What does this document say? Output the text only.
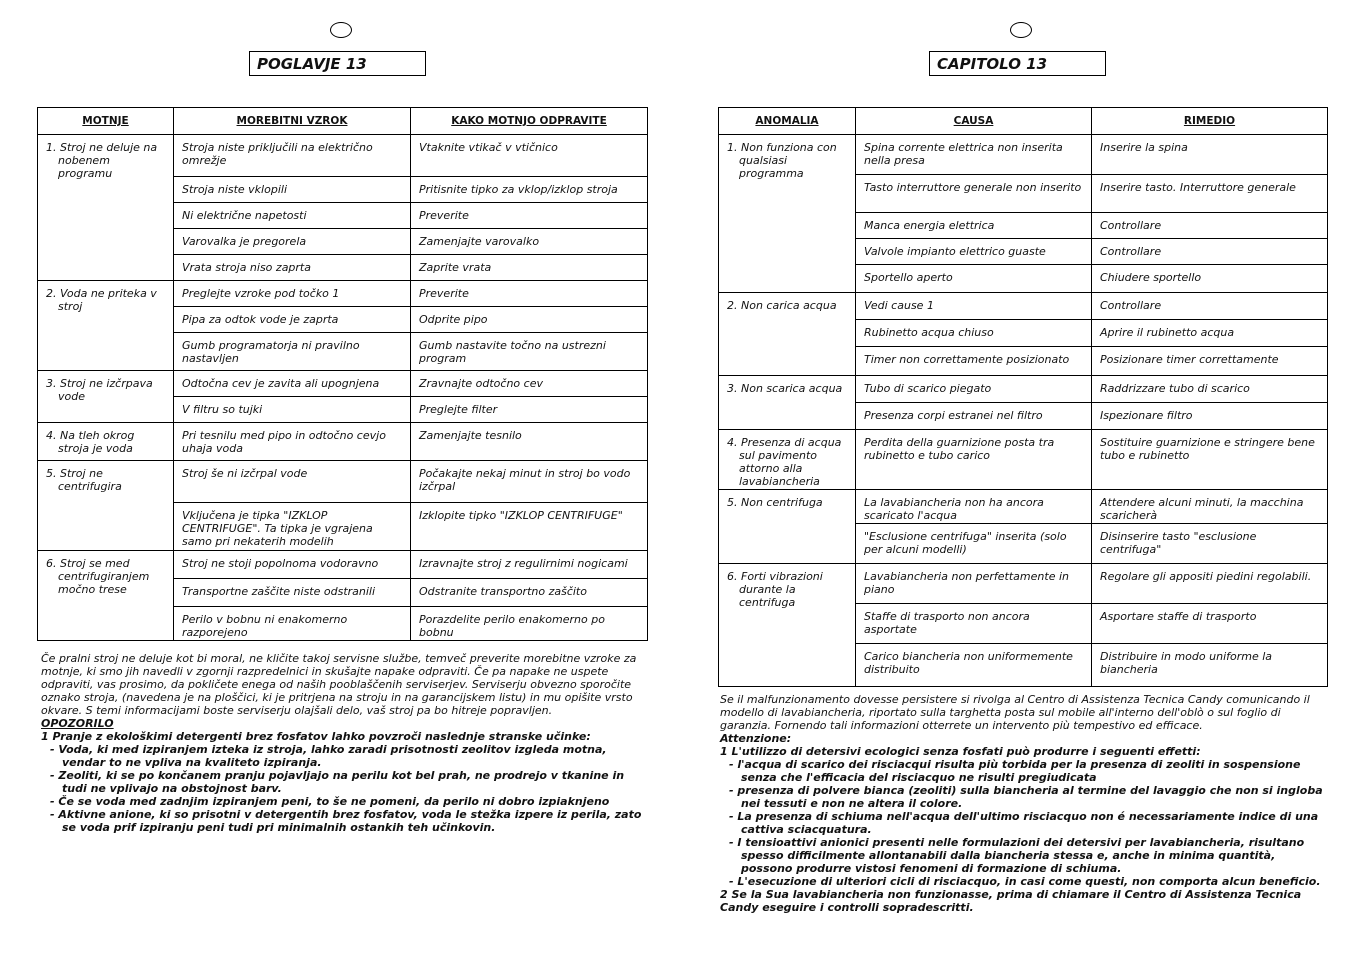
POGLAVJE 13
MOTNJE	MOREBITNI VZROK	KAKO MOTNJO ODPRAVITE

1. Stroj ne deluje na nobenem programu	Stroja niste priključili na električno omrežje	Vtaknite vtikač v vtičnico

	Stroja niste vklopili	Pritisnite tipko za vklop/izklop stroja

	Ni električne napetosti	Preverite

	Varovalka je pregorela	Zamenjajte varovalko

	Vrata stroja niso zaprta	Zaprite vrata

2. Voda ne priteka v stroj	Preglejte vzroke pod točko 1	Preverite

	Pipa za odtok vode je zaprta	Odprite pipo

	Gumb programatorja ni pravilno nastavljen	Gumb nastavite točno na ustrezni program

3. Stroj ne izčrpava vode	Odtočna cev je zavita ali upognjena	Zravnajte odtočno cev

	V filtru so tujki	Preglejte filter

4. Na tleh okrog stroja je voda	Pri tesnilu med pipo in odtočno cevjo uhaja voda	Zamenjajte tesnilo

5. Stroj ne centrifugira	Stroj še ni izčrpal vode	Počakajte nekaj minut in stroj bo vodo izčrpal

	Vključena je tipka "IZKLOP CENTRIFUGE". Ta tipka je vgrajena samo pri nekaterih modelih	Izklopite tipko "IZKLOP CENTRIFUGE"

6. Stroj se med centrifugiranjem močno trese	Stroj ne stoji popolnoma vodoravno	Izravnajte stroj z regulirnimi nogicami

	Transportne zaščite niste odstranili	Odstranite transportno zaščito

	Perilo v bobnu ni enakomerno razporejeno	Porazdelite perilo enakomerno po bobnu

Če pralni stroj ne deluje kot bi moral, ne kličite takoj servisne službe, temveč preverite morebitne vzroke za motnje, ki smo jih navedli v zgornji razpredelnici in skušajte napake odpraviti. Če pa napake ne uspete odpraviti, vas prosimo, da pokličete enega od naših pooblaščenih serviserjev. Serviserju obvezno sporočite oznako stroja, (navedena je na ploščici, ki je pritrjena na stroju in na garancijskem listu) in mu opišite vrsto okvare. S temi informacijami boste serviserju olajšali delo, vaš stroj pa bo hitreje popravljen.

OPOZORILO

1 Pranje z ekološkimi detergenti brez fosfatov lahko povzroči naslednje stranske učinke:

- Voda, ki med izpiranjem izteka iz stroja, lahko zaradi prisotnosti zeolitov izgleda motna, vendar to ne vpliva na kvaliteto izpiranja.
- Zeoliti, ki se po končanem pranju pojavljajo na perilu kot bel prah, ne prodrejo v tkanine in tudi ne vplivajo na obstojnost barv.
- Če se voda med zadnjim izpiranjem peni, to še ne pomeni, da perilo ni dobro izpiaknjeno
- Aktivne anione, ki so prisotni v detergentih brez fosfatov, voda le stežka izpere iz perila, zato se voda prif izpiranju peni tudi pri minimalnih ostankih teh učinkovin.
CAPITOLO 13
ANOMALIA	CAUSA	RIMEDIO

1. Non funziona con qualsiasi programma	Spina corrente elettrica non inserita nella presa	Inserire la spina

	Tasto interruttore generale non inserito	Inserire tasto. Interruttore generale

	Manca energia elettrica	Controllare

	Valvole impianto elettrico guaste	Controllare

	Sportello aperto	Chiudere sportello

2. Non carica acqua	Vedi cause 1	Controllare

	Rubinetto acqua chiuso	Aprire il rubinetto acqua

	Timer non correttamente posizionato	Posizionare timer correttamente

3. Non scarica acqua	Tubo di scarico piegato	Raddrizzare tubo di scarico

	Presenza corpi estranei nel filtro	Ispezionare filtro

4. Presenza di acqua sul pavimento attorno alla lavabiancheria	Perdita della guarnizione posta tra rubinetto e tubo carico	Sostituire guarnizione e stringere bene tubo e rubinetto

5. Non centrifuga	La lavabiancheria non ha ancora scaricato l'acqua	Attendere alcuni minuti, la macchina scaricherà

	"Esclusione centrifuga" inserita (solo per alcuni modelli)	Disinserire tasto "esclusione centrifuga"

6. Forti vibrazioni durante la centrifuga	Lavabiancheria non perfettamente in piano	Regolare gli appositi piedini regolabili.

	Staffe di trasporto non ancora asportate	Asportare staffe di trasporto

	Carico biancheria non uniformemente distribuito	Distribuire in modo uniforme la biancheria

Se il malfunzionamento dovesse persistere si rivolga al Centro di Assistenza Tecnica Candy comunicando il modello di lavabiancheria, riportato sulla targhetta posta sul mobile all'interno dell'oblò o sul foglio di garanzia. Fornendo tali informazioni otterrete un intervento più tempestivo ed efficace.

Attenzione:

1 L'utilizzo di detersivi ecologici senza fosfati può produrre i seguenti effetti:

- l'acqua di scarico dei risciacqui risulta più torbida per la presenza di zeoliti in sospensione senza che l'efficacia del risciacquo ne risulti pregiudicata
- presenza di polvere bianca (zeoliti) sulla biancheria al termine del lavaggio che non si ingloba nei tessuti e non ne altera il colore.
- La presenza di schiuma nell'acqua dell'ultimo risciacquo non é necessariamente indice di una cattiva sciacquatura.
- I tensioattivi anionici presenti nelle formulazioni dei detersivi per lavabiancheria, risultano spesso difficilmente allontanabili dalla biancheria stessa e, anche in minima quantità, possono produrre vistosi fenomeni di formazione di schiuma.
- L'esecuzione di ulteriori cicli di risciacquo, in casi come questi, non comporta alcun beneficio.

2 Se la Sua lavabiancheria non funzionasse, prima di chiamare il Centro di Assistenza Tecnica Candy eseguire i controlli sopradescritti.
